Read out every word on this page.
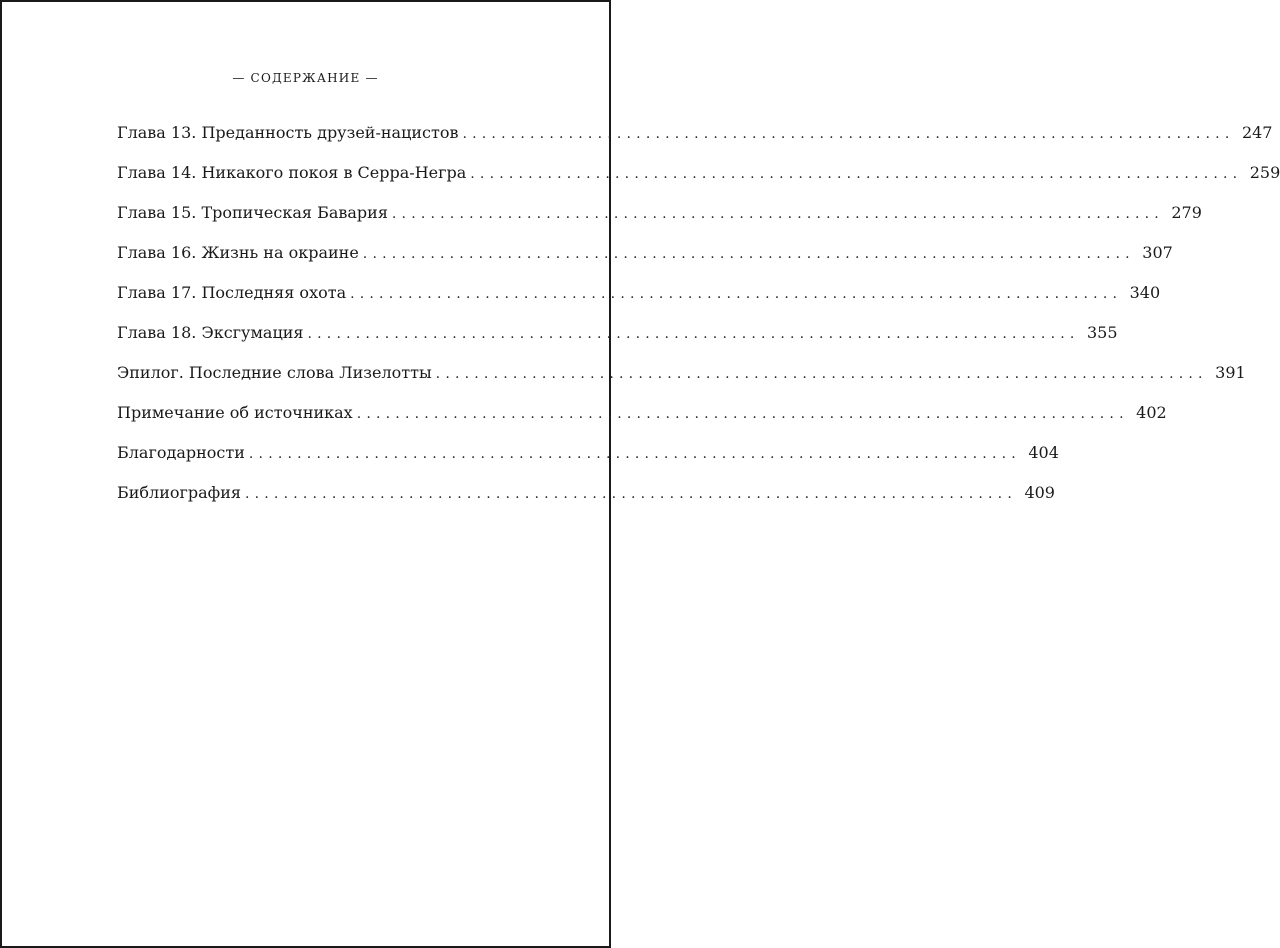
— СОДЕРЖАНИЕ —
Глава 13. Преданность друзей-нацистов ................................................................................ 247
Глава 14. Никакого покоя в Серра-Негра ................................................................................ 259
Глава 15. Тропическая Бавария ................................................................................ 279
Глава 16. Жизнь на окраине ................................................................................ 307
Глава 17. Последняя охота ................................................................................ 340
Глава 18. Эксгумация ................................................................................ 355
Эпилог. Последние слова Лизелотты ................................................................................ 391
Примечание об источниках ................................................................................ 402
Благодарности ................................................................................ 404
Библиография ................................................................................ 409
